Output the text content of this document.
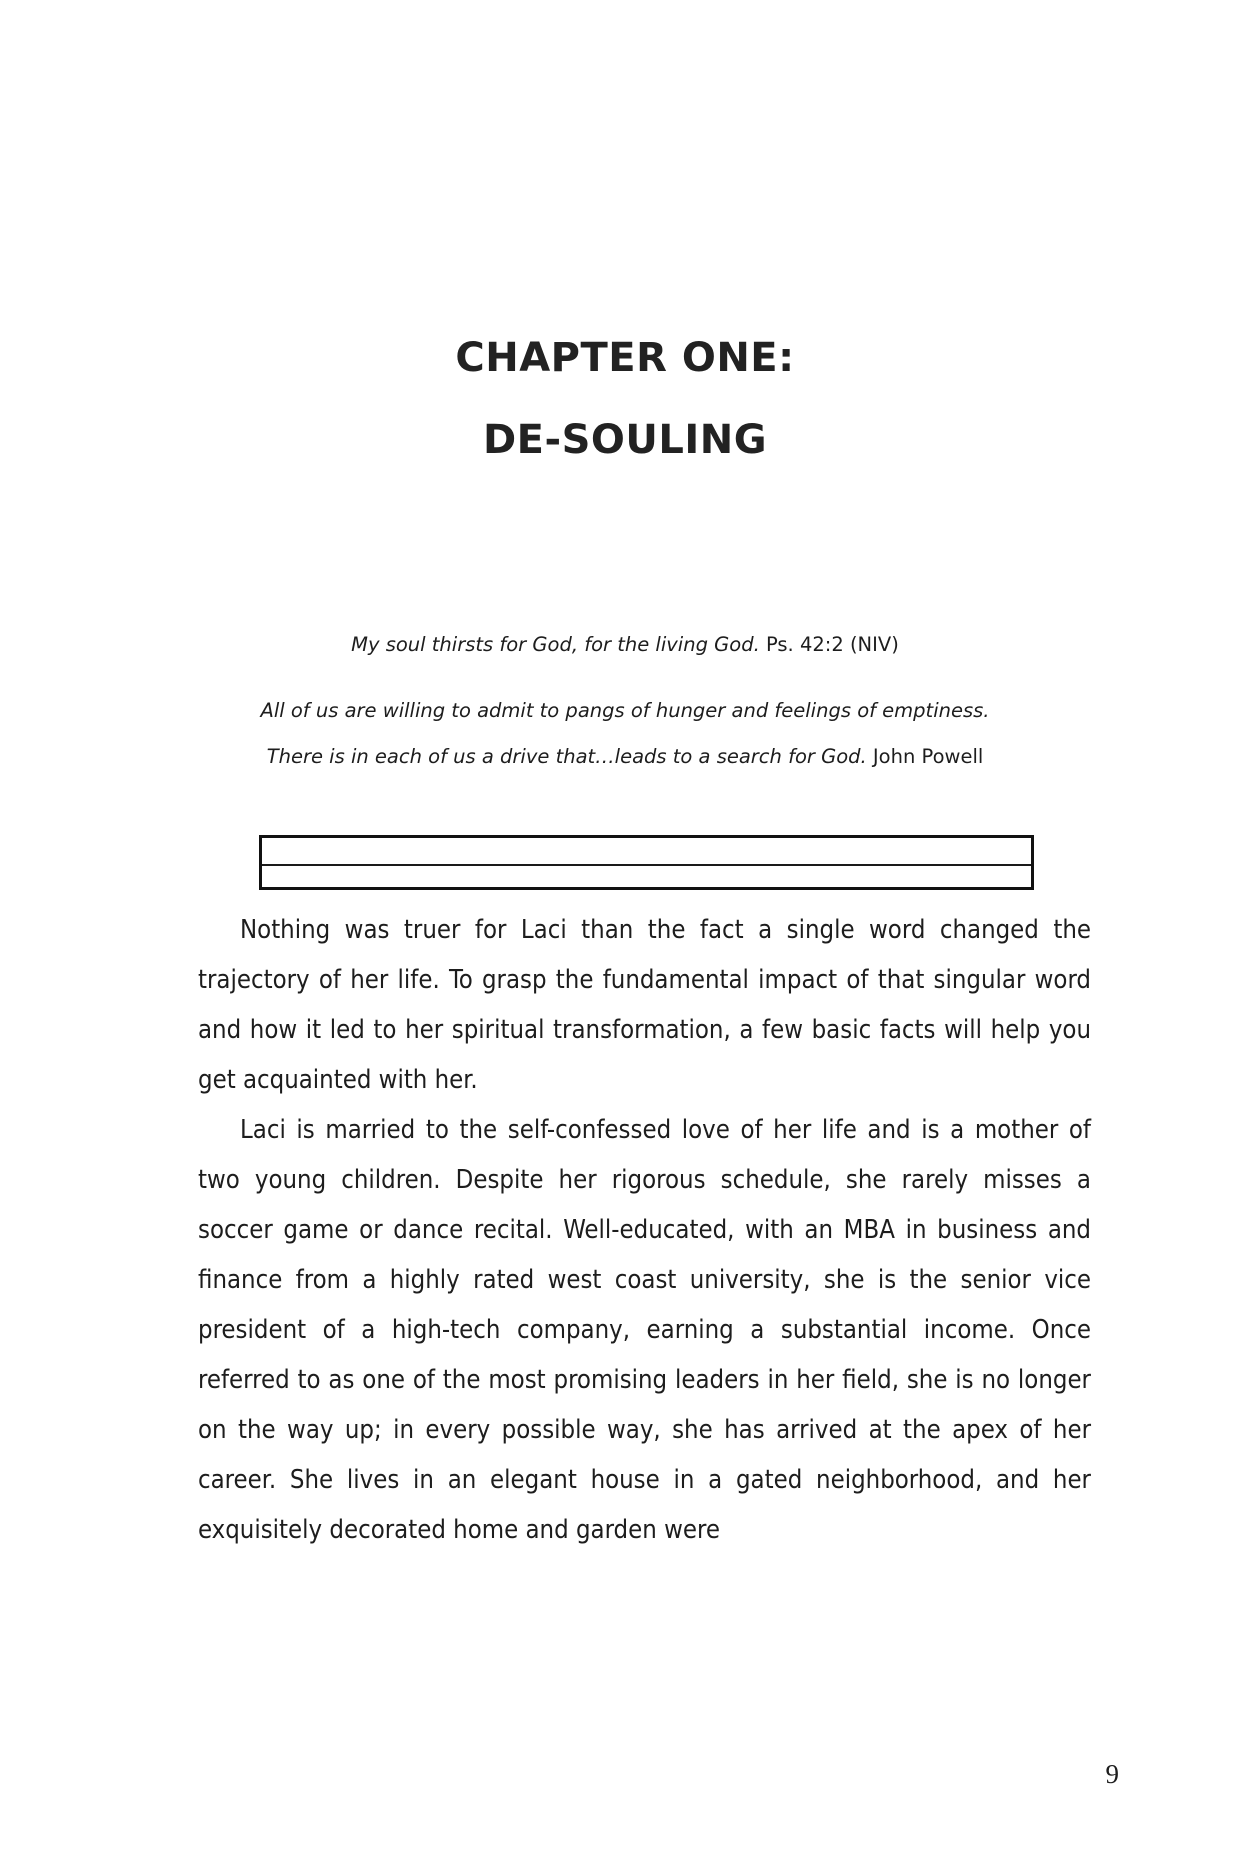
CHAPTER ONE:
DE-SOULING
My soul thirsts for God, for the living God. Ps. 42:2 (NIV)
All of us are willing to admit to pangs of hunger and feelings of emptiness.
There is in each of us a drive that…leads to a search for God. John Powell

Nothing was truer for Laci than the fact a single word changed the trajectory of her life. To grasp the fundamental impact of that singular word and how it led to her spiritual transformation, a few basic facts will help you get acquainted with her.

Laci is married to the self-confessed love of her life and is a mother of two young children. Despite her rigorous schedule, she rarely misses a soccer game or dance recital. Well-educated, with an MBA in business and finance from a highly rated west coast university, she is the senior vice president of a high-tech company, earning a substantial income. Once referred to as one of the most promising leaders in her field, she is no longer on the way up; in every possible way, she has arrived at the apex of her career. She lives in an elegant house in a gated neighborhood, and her exquisitely decorated home and garden were

9
